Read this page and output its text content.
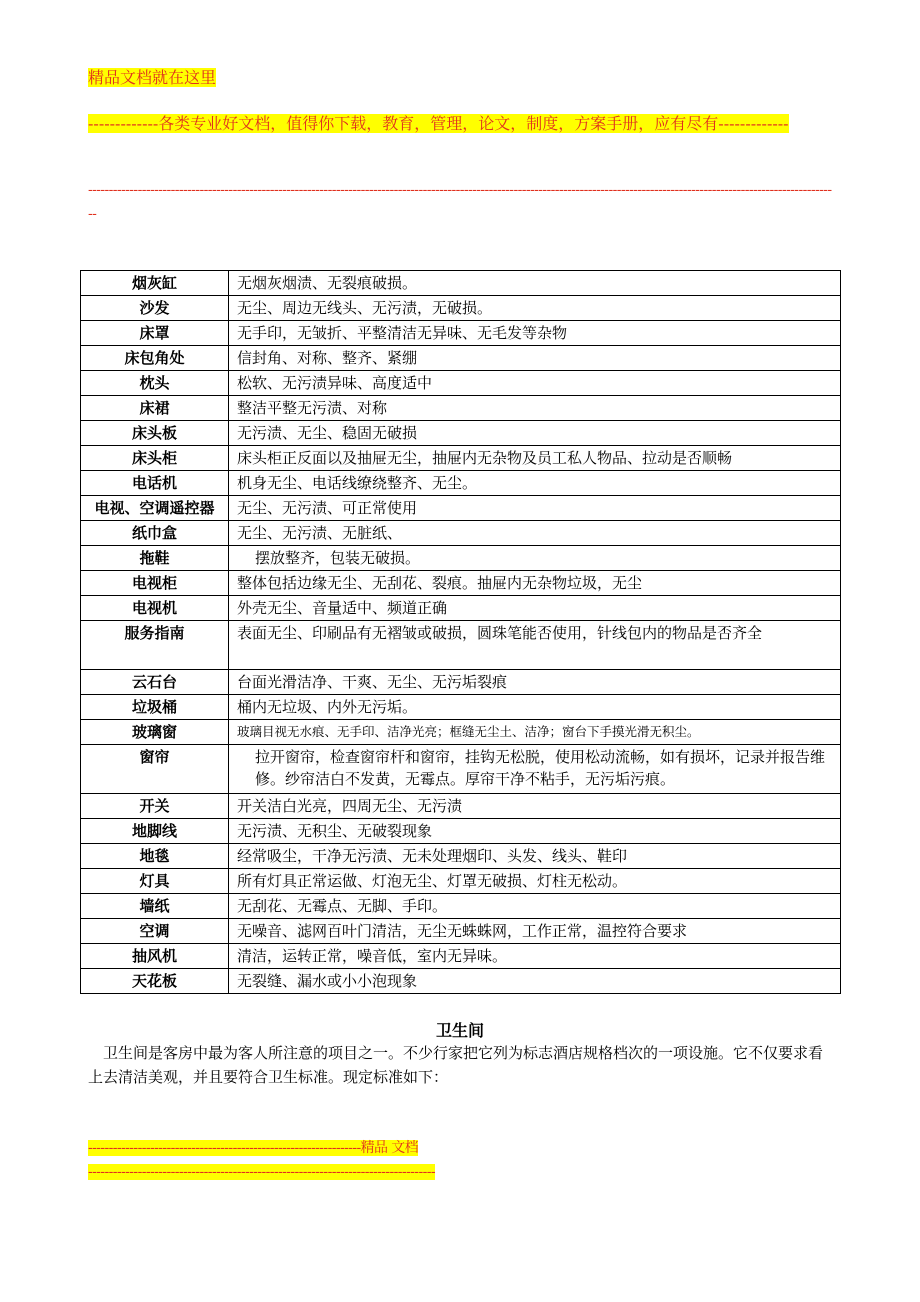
精品文档就在这里
-------------各类专业好文档，值得你下载，教育，管理，论文，制度，方案手册，应有尽有-------------
--------------------------------------------------------------------------------------------------------------------------------------------------------------------------------------
烟灰缸	无烟灰烟渍、无裂痕破损。
沙发	无尘、周边无线头、无污渍，无破损。
床罩	无手印，无皱折、平整清洁无异味、无毛发等杂物
床包角处	信封角、对称、整齐、紧绷
枕头	松软、无污渍异味、高度适中
床裙	整洁平整无污渍、对称
床头板	无污渍、无尘、稳固无破损
床头柜	床头柜正反面以及抽屉无尘，抽屉内无杂物及员工私人物品、拉动是否顺畅
电话机	机身无尘、电话线缭绕整齐、无尘。
电视、空调遥控器	无尘、无污渍、可正常使用
纸巾盒	无尘、无污渍、无脏纸、
拖鞋	摆放整齐，包装无破损。
电视柜	整体包括边缘无尘、无刮花、裂痕。抽屉内无杂物垃圾，无尘
电视机	外壳无尘、音量适中、频道正确
服务指南	表面无尘、印刷品有无褶皱或破损，圆珠笔能否使用，针线包内的物品是否齐全
云石台	台面光滑洁净、干爽、无尘、无污垢裂痕
垃圾桶	桶内无垃圾、内外无污垢。
玻璃窗	玻璃目视无水痕、无手印、洁净光亮；框缝无尘土、洁净；窗台下手摸光滑无积尘。
窗帘	拉开窗帘，检查窗帘杆和窗帘，挂钩无松脱，使用松动流畅，如有损坏，记录并报告维修。纱帘洁白不发黄，无霉点。厚帘干净不粘手，无污垢污痕。
开关	开关洁白光亮，四周无尘、无污渍
地脚线	无污渍、无积尘、无破裂现象
地毯	经常吸尘，干净无污渍、无未处理烟印、头发、线头、鞋印
灯具	所有灯具正常运做、灯泡无尘、灯罩无破损、灯柱无松动。
墙纸	无刮花、无霉点、无脚、手印。
空调	无噪音、滤网百叶门清洁，无尘无蛛蛛网，工作正常，温控符合要求
抽风机	清洁，运转正常，噪音低，室内无异味。
天花板	无裂缝、漏水或小小泡现象
卫生间
卫生间是客房中最为客人所注意的项目之一。不少行家把它列为标志酒店规格档次的一项设施。它不仅要求看上去清洁美观，并且要符合卫生标准。现定标准如下：
------------------------------------------------------------------精品 文档
------------------------------------------------------------------------------------
